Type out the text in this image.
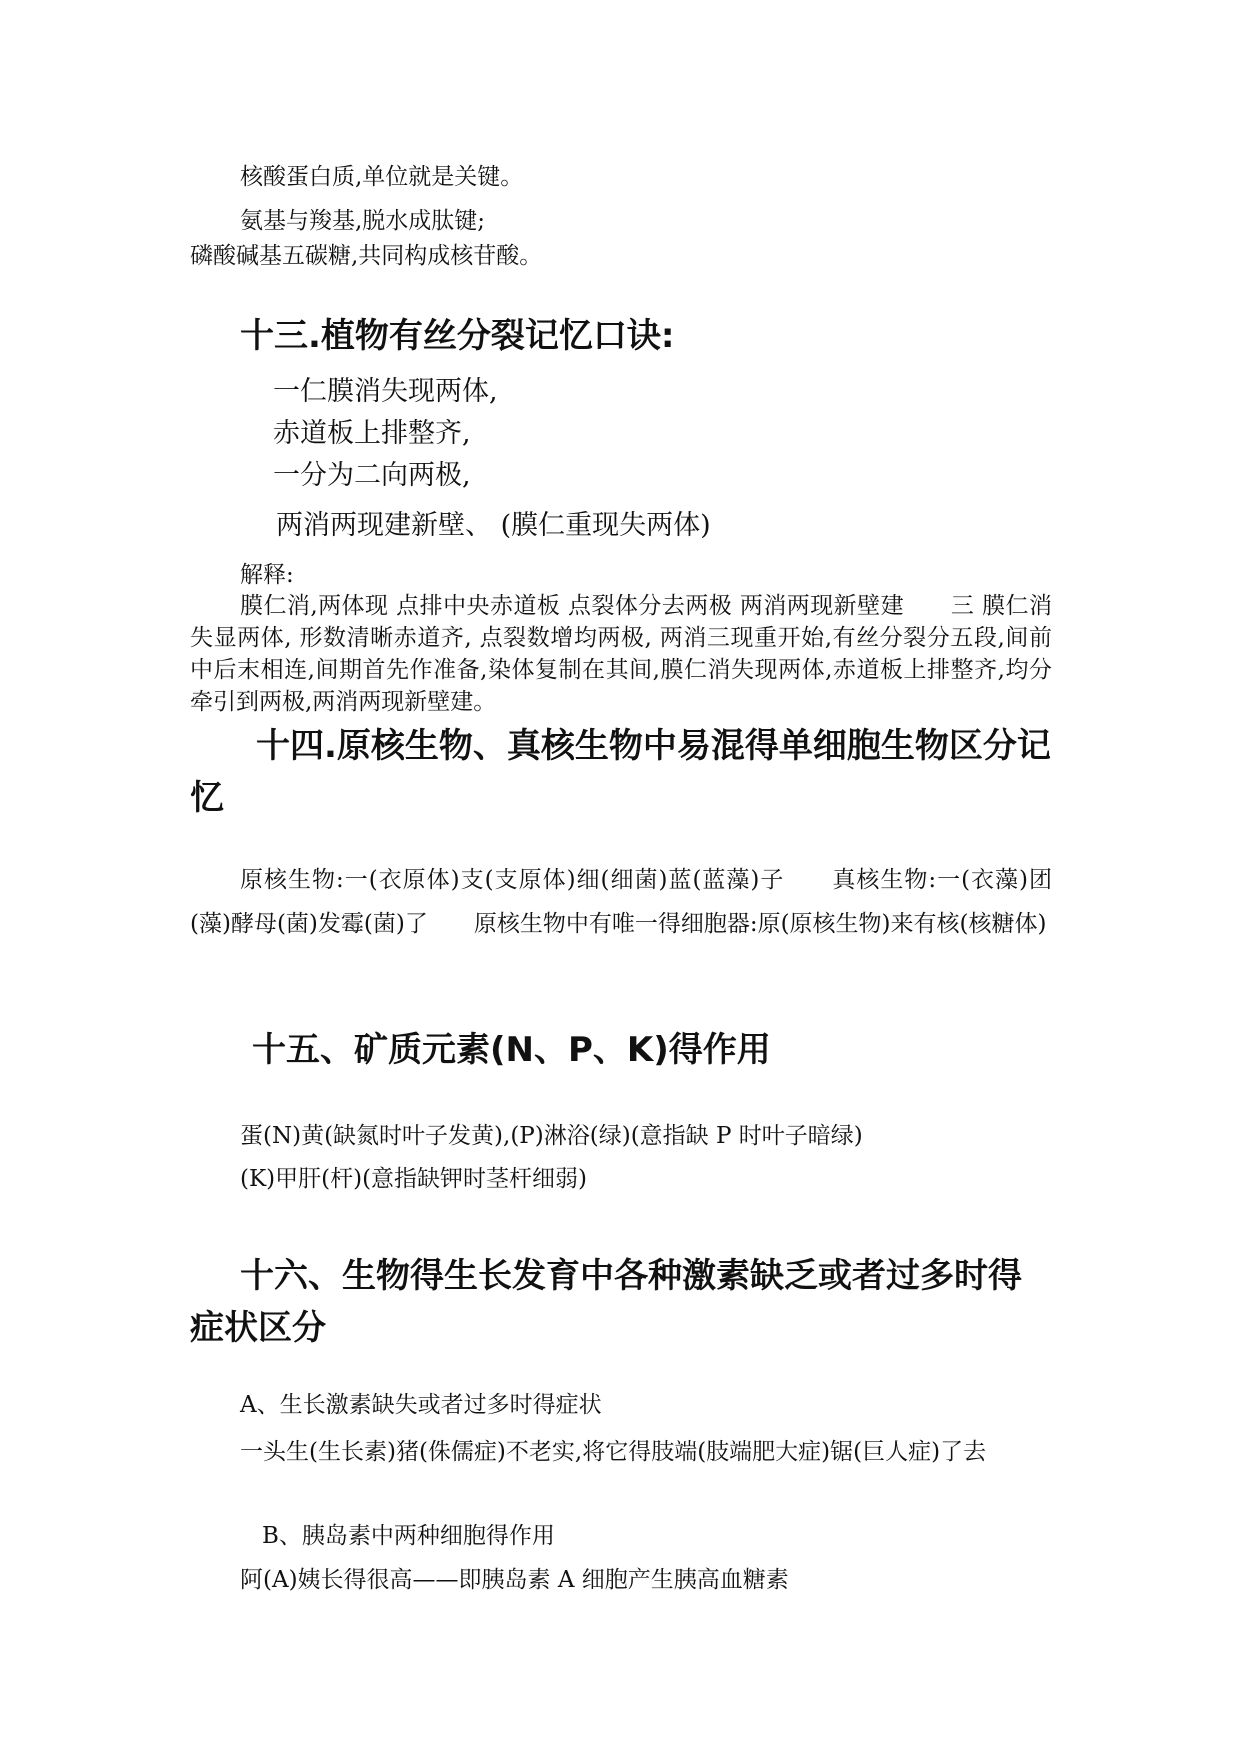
核酸蛋白质,单位就是关键。

氨基与羧基,脱水成肽键;

磷酸碱基五碳糖,共同构成核苷酸。

十三.植物有丝分裂记忆口诀:

一仁膜消失现两体,

赤道板上排整齐,

一分为二向两极,

两消两现建新壁、 (膜仁重现失两体)

解释:

膜仁消,两体现 点排中央赤道板 点裂体分去两极 两消两现新壁建　　三 膜仁消失显两体, 形数清晰赤道齐, 点裂数增均两极, 两消三现重开始,有丝分裂分五段,间前中后末相连,间期首先作准备,染体复制在其间,膜仁消失现两体,赤道板上排整齐,均分牵引到两极,两消两现新壁建。

十四.原核生物、真核生物中易混得单细胞生物区分记忆

原核生物:一(衣原体)支(支原体)细(细菌)蓝(蓝藻)子　　真核生物:一(衣藻)团(藻)酵母(菌)发霉(菌)了　　原核生物中有唯一得细胞器:原(原核生物)来有核(核糖体)

十五、矿质元素(N、P、K)得作用

蛋(N)黄(缺氮时叶子发黄),(P)淋浴(绿)(意指缺 P 时叶子暗绿)

(K)甲肝(杆)(意指缺钾时茎杆细弱)

十六、生物得生长发育中各种激素缺乏或者过多时得症状区分

A、生长激素缺失或者过多时得症状

一头生(生长素)猪(侏儒症)不老实,将它得肢端(肢端肥大症)锯(巨人症)了去

B、胰岛素中两种细胞得作用

阿(A)姨长得很高——即胰岛素 A 细胞产生胰高血糖素
